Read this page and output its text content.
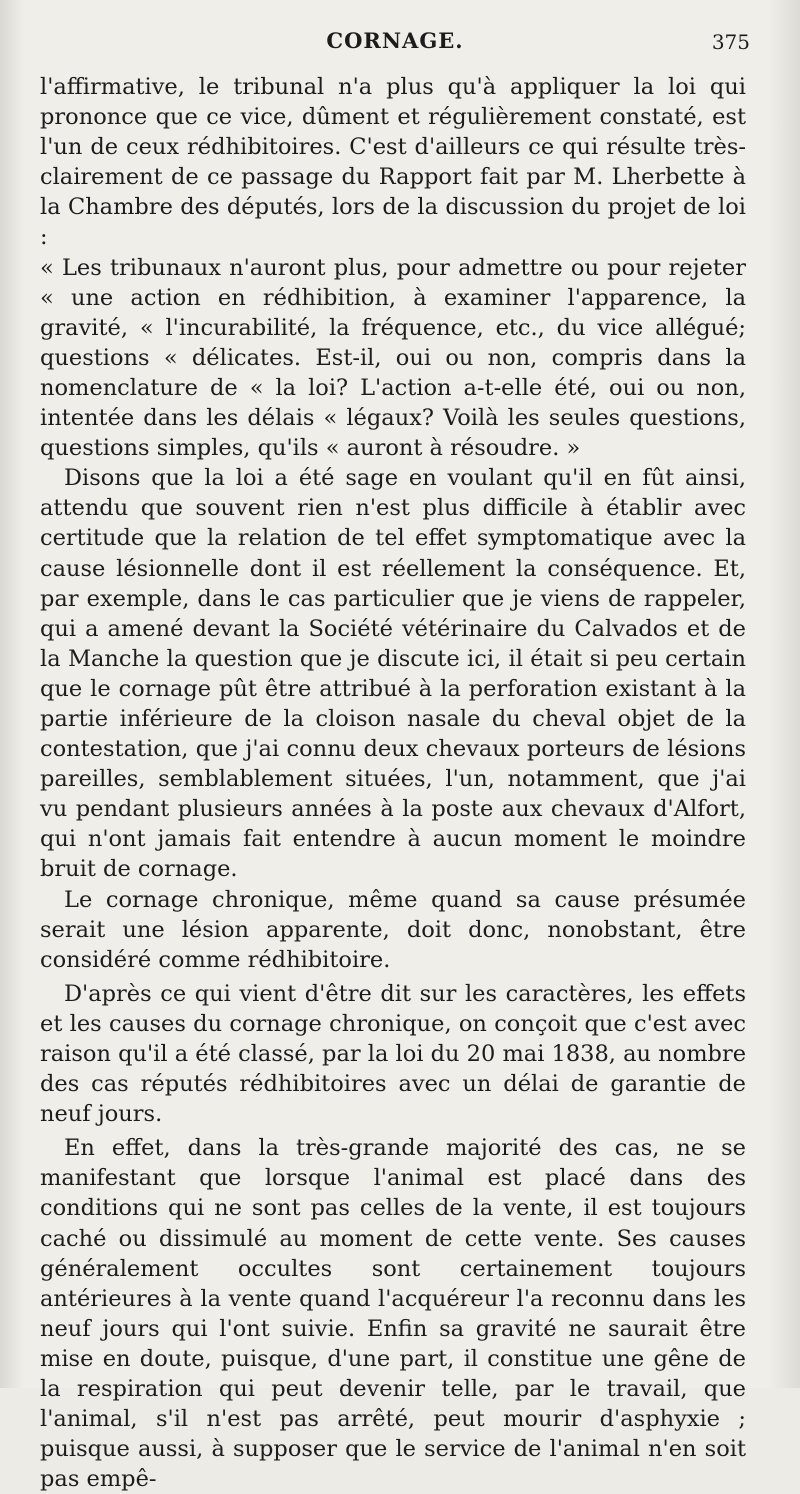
CORNAGE.	375

l'affirmative, le tribunal n'a plus qu'à appliquer la loi qui prononce que ce vice, dûment et régulièrement constaté, est l'un de ceux rédhibitoires. C'est d'ailleurs ce qui résulte très-clairement de ce passage du Rapport fait par M. Lherbette à la Chambre des députés, lors de la discussion du projet de loi :

« Les tribunaux n'auront plus, pour admettre ou pour rejeter « une action en rédhibition, à examiner l'apparence, la gravité, « l'incurabilité, la fréquence, etc., du vice allégué; questions « délicates. Est-il, oui ou non, compris dans la nomenclature de « la loi? L'action a-t-elle été, oui ou non, intentée dans les délais « légaux? Voilà les seules questions, questions simples, qu'ils « auront à résoudre. »

Disons que la loi a été sage en voulant qu'il en fût ainsi, attendu que souvent rien n'est plus difficile à établir avec certitude que la relation de tel effet symptomatique avec la cause lésionnelle dont il est réellement la conséquence. Et, par exemple, dans le cas particulier que je viens de rappeler, qui a amené devant la Société vétérinaire du Calvados et de la Manche la question que je discute ici, il était si peu certain que le cornage pût être attribué à la perforation existant à la partie inférieure de la cloison nasale du cheval objet de la contestation, que j'ai connu deux chevaux porteurs de lésions pareilles, semblablement situées, l'un, notamment, que j'ai vu pendant plusieurs années à la poste aux chevaux d'Alfort, qui n'ont jamais fait entendre à aucun moment le moindre bruit de cornage.

Le cornage chronique, même quand sa cause présumée serait une lésion apparente, doit donc, nonobstant, être considéré comme rédhibitoire.

D'après ce qui vient d'être dit sur les caractères, les effets et les causes du cornage chronique, on conçoit que c'est avec raison qu'il a été classé, par la loi du 20 mai 1838, au nombre des cas réputés rédhibitoires avec un délai de garantie de neuf jours.

En effet, dans la très-grande majorité des cas, ne se manifestant que lorsque l'animal est placé dans des conditions qui ne sont pas celles de la vente, il est toujours caché ou dissimulé au moment de cette vente. Ses causes généralement occultes sont certainement toujours antérieures à la vente quand l'acquéreur l'a reconnu dans les neuf jours qui l'ont suivie. Enfin sa gravité ne saurait être mise en doute, puisque, d'une part, il constitue une gêne de la respiration qui peut devenir telle, par le travail, que l'animal, s'il n'est pas arrêté, peut mourir d'asphyxie ; puisque aussi, à supposer que le service de l'animal n'en soit pas empê-
